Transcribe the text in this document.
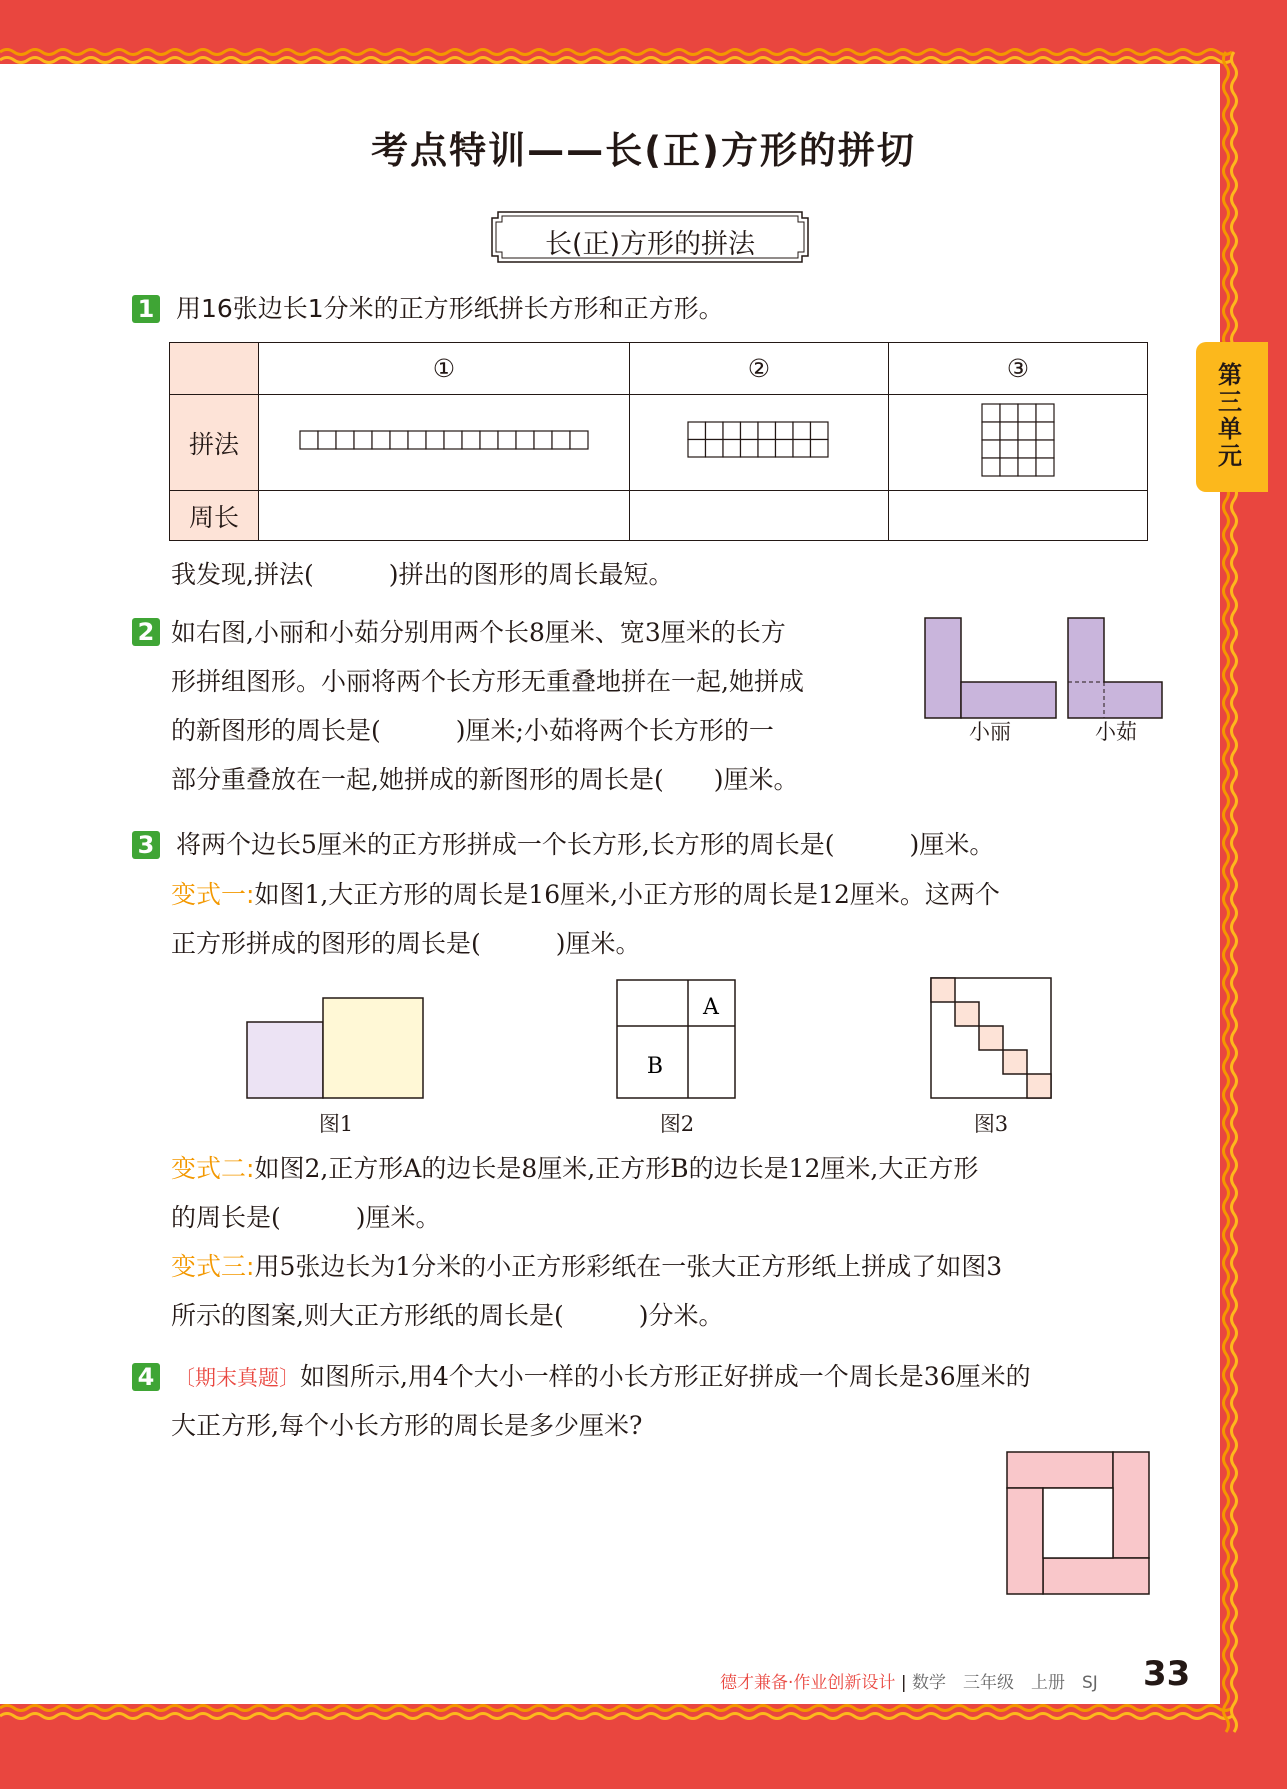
考点特训——长(正)方形的拼切
长(正)方形的拼法
第三单元
1 用16张边长1分米的正方形纸拼长方形和正方形。
	①	②	③
拼法			
周长			
我发现,拼法(　　　)拼出的图形的周长最短。
2 如右图,小丽和小茹分别用两个长8厘米、宽3厘米的长方
形拼组图形。小丽将两个长方形无重叠地拼在一起,她拼成
的新图形的周长是(　　　)厘米;小茹将两个长方形的一
部分重叠放在一起,她拼成的新图形的周长是(　　)厘米。
小丽	小茹
3 将两个边长5厘米的正方形拼成一个长方形,长方形的周长是(　　　)厘米。
变式一:如图1,大正方形的周长是16厘米,小正方形的周长是12厘米。这两个
正方形拼成的图形的周长是(　　　)厘米。
A
B
图1	图2	图3
变式二:如图2,正方形A的边长是8厘米,正方形B的边长是12厘米,大正方形
的周长是(　　　)厘米。
变式三:用5张边长为1分米的小正方形彩纸在一张大正方形纸上拼成了如图3
所示的图案,则大正方形纸的周长是(　　　)分米。
4 〔期末真题〕如图所示,用4个大小一样的小长方形正好拼成一个周长是36厘米的
大正方形,每个小长方形的周长是多少厘米?
德才兼备·作业创新设计 | 数学　三年级　上册　SJ 33
